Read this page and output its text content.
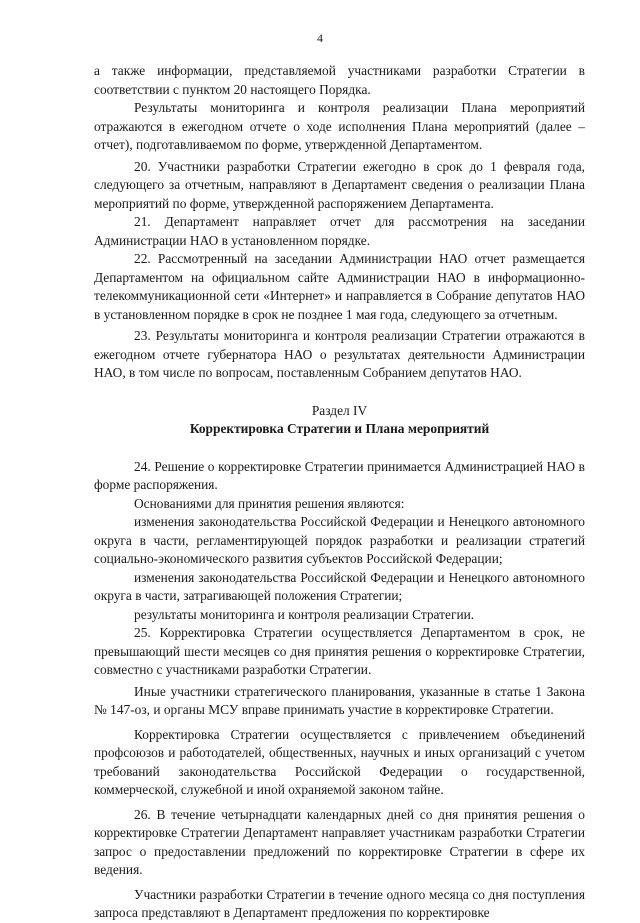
4

а также информации, представляемой участниками разработки Стратегии в соответствии с пунктом 20 настоящего Порядка.

Результаты мониторинга и контроля реализации Плана мероприятий отражаются в ежегодном отчете о ходе исполнения Плана мероприятий (далее – отчет), подготавливаемом по форме, утвержденной Департаментом.

20. Участники разработки Стратегии ежегодно в срок до 1 февраля года, следующего за отчетным, направляют в Департамент сведения о реализации Плана мероприятий по форме, утвержденной распоряжением Департамента.

21. Департамент направляет отчет для рассмотрения на заседании Администрации НАО в установленном порядке.

22. Рассмотренный на заседании Администрации НАО отчет размещается Департаментом на официальном сайте Администрации НАО в информационно-телекоммуникационной сети «Интернет» и направляется в Собрание депутатов НАО в установленном порядке в срок не позднее 1 мая года, следующего за отчетным.

23. Результаты мониторинга и контроля реализации Стратегии отражаются в ежегодном отчете губернатора НАО о результатах деятельности Администрации НАО, в том числе по вопросам, поставленным Собранием депутатов НАО.

Раздел IV

Корректировка Стратегии и Плана мероприятий

24. Решение о корректировке Стратегии принимается Администрацией НАО в форме распоряжения.

Основаниями для принятия решения являются:

изменения законодательства Российской Федерации и Ненецкого автономного округа в части, регламентирующей порядок разработки и реализации стратегий социально-экономического развития субъектов Российской Федерации;

изменения законодательства Российской Федерации и Ненецкого автономного округа в части, затрагивающей положения Стратегии;

результаты мониторинга и контроля реализации Стратегии.

25. Корректировка Стратегии осуществляется Департаментом в срок, не превышающий шести месяцев со дня принятия решения о корректировке Стратегии, совместно с участниками разработки Стратегии.

Иные участники стратегического планирования, указанные в статье 1 Закона № 147-оз, и органы МСУ вправе принимать участие в корректировке Стратегии.

Корректировка Стратегии осуществляется с привлечением объединений профсоюзов и работодателей, общественных, научных и иных организаций с учетом требований законодательства Российской Федерации о государственной, коммерческой, служебной и иной охраняемой законом тайне.

26. В течение четырнадцати календарных дней со дня принятия решения о корректировке Стратегии Департамент направляет участникам разработки Стратегии запрос о предоставлении предложений по корректировке Стратегии в сфере их ведения.

Участники разработки Стратегии в течение одного месяца со дня поступления запроса представляют в Департамент предложения по корректировке
